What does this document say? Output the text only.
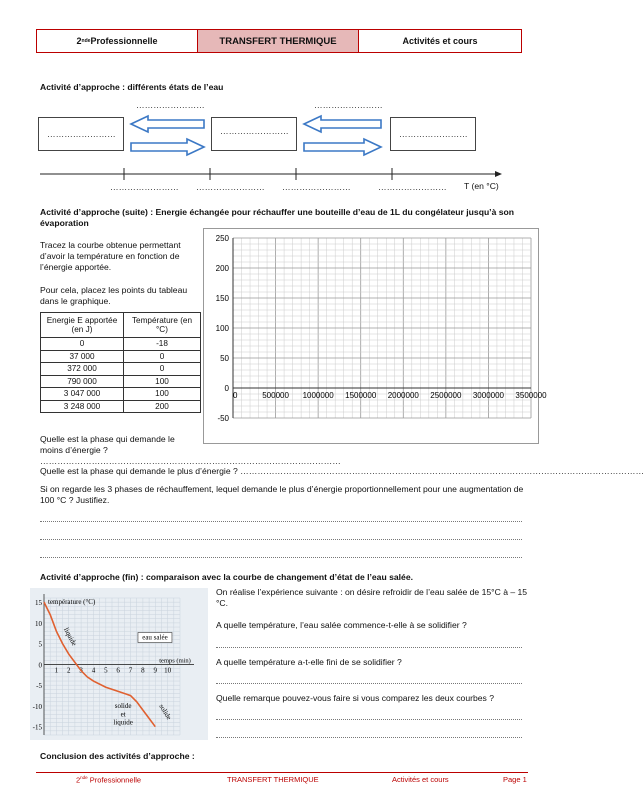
2 nde Professionnelle	TRANSFERT THERMIQUE	Activités et cours
Activité d’approche : différents états de l’eau
……………………	……………………
……………………	……………………	……………………
…………………… …………………… ……………………	…………………… T (en °C)
Activité d’approche (suite) : Energie échangée pour réchauffer une bouteille d’eau de 1L du congélateur jusqu’à son évaporation
Tracez la courbe obtenue permettant d’avoir la température en fonction de l’énergie apportée.
Pour cela, placez les points du tableau dans le graphique.
Energie E apportée (en J)	Température (en °C)
0	-18
37 000	0
372 000	0
790 000	100
3 047 000	100
3 248 000	200
250
200
150
100
50
0
-50
0	500000 1000000 1500000 2000000 2500000 3000000 3500000
Quelle est la phase qui demande le moins d’énergie ? ……………………………………………………………………………………………
Quelle est la phase qui demande le plus d’énergie ? ……………………………………………………………………………………………………………………………
Si on regarde les 3 phases de réchauffement, lequel demande le plus d’énergie proportionnellement pour une augmentation de 100 °C ? Justifiez.
Activité d’approche (fin) : comparaison avec la courbe de changement d’état de l’eau salée.
15
10
5
0
-5
-10
-15
1 2 3 4 5 6 7 8 9 10
température (°C)
temps (min)
eau salée
liquide
solide
et
liquide
solide
On réalise l’expérience suivante : on désire refroidir de l’eau salée de 15°C à – 15 °C.
A quelle température, l’eau salée commence-t-elle à se solidifier ?
A quelle température a-t-elle fini de se solidifier ?
Quelle remarque pouvez-vous faire si vous comparez les deux courbes ?
Conclusion des activités d’approche :
2nde Professionnelle	TRANSFERT THERMIQUE	Activités et cours	Page 1
